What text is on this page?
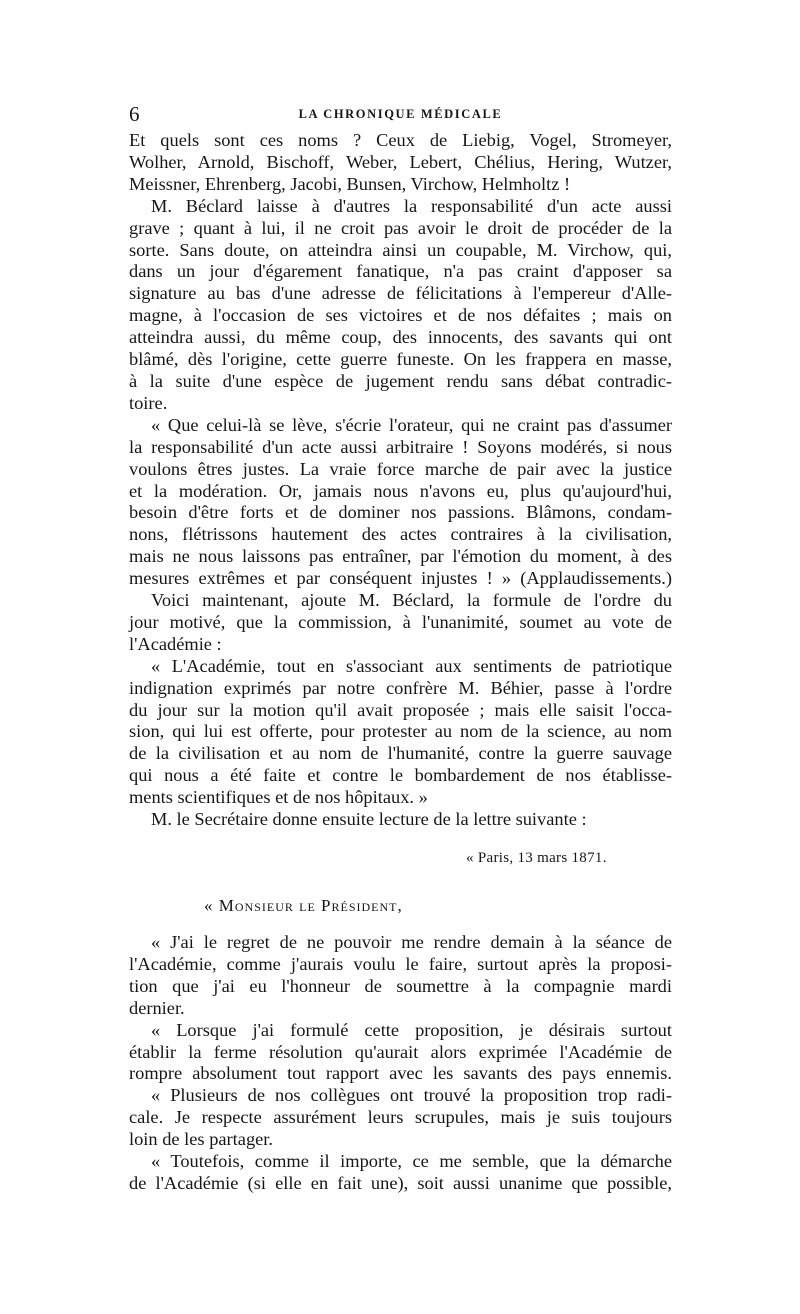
6	LA CHRONIQUE MÉDICALE

Et quels sont ces noms ? Ceux de Liebig, Vogel, Stromeyer,

Wolher, Arnold, Bischoff, Weber, Lebert, Chélius, Hering, Wutzer,

Meissner, Ehrenberg, Jacobi, Bunsen, Virchow, Helmholtz !

M. Béclard laisse à d'autres la responsabilité d'un acte aussi

grave ; quant à lui, il ne croit pas avoir le droit de procéder de la

sorte. Sans doute, on atteindra ainsi un coupable, M. Virchow, qui,

dans un jour d'égarement fanatique, n'a pas craint d'apposer sa

signature au bas d'une adresse de félicitations à l'empereur d'Alle-

magne, à l'occasion de ses victoires et de nos défaites ; mais on

atteindra aussi, du même coup, des innocents, des savants qui ont

blâmé, dès l'origine, cette guerre funeste. On les frappera en masse,

à la suite d'une espèce de jugement rendu sans débat contradic-

toire.

« Que celui-là se lève, s'écrie l'orateur, qui ne craint pas d'assumer

la responsabilité d'un acte aussi arbitraire ! Soyons modérés, si nous

voulons êtres justes. La vraie force marche de pair avec la justice

et la modération. Or, jamais nous n'avons eu, plus qu'aujourd'hui,

besoin d'être forts et de dominer nos passions. Blâmons, condam-

nons, flétrissons hautement des actes contraires à la civilisation,

mais ne nous laissons pas entraîner, par l'émotion du moment, à des

mesures extrêmes et par conséquent injustes ! » (Applaudissements.)

Voici maintenant, ajoute M. Béclard, la formule de l'ordre du

jour motivé, que la commission, à l'unanimité, soumet au vote de

l'Académie :

« L'Académie, tout en s'associant aux sentiments de patriotique

indignation exprimés par notre confrère M. Béhier, passe à l'ordre

du jour sur la motion qu'il avait proposée ; mais elle saisit l'occa-

sion, qui lui est offerte, pour protester au nom de la science, au nom

de la civilisation et au nom de l'humanité, contre la guerre sauvage

qui nous a été faite et contre le bombardement de nos établisse-

ments scientifiques et de nos hôpitaux. »

M. le Secrétaire donne ensuite lecture de la lettre suivante :

« Paris, 13 mars 1871.
« Monsieur le Président,

« J'ai le regret de ne pouvoir me rendre demain à la séance de

l'Académie, comme j'aurais voulu le faire, surtout après la proposi-

tion que j'ai eu l'honneur de soumettre à la compagnie mardi

dernier.

« Lorsque j'ai formulé cette proposition, je désirais surtout

établir la ferme résolution qu'aurait alors exprimée l'Académie de

rompre absolument tout rapport avec les savants des pays ennemis.

« Plusieurs de nos collègues ont trouvé la proposition trop radi-

cale. Je respecte assurément leurs scrupules, mais je suis toujours

loin de les partager.

« Toutefois, comme il importe, ce me semble, que la démarche

de l'Académie (si elle en fait une), soit aussi unanime que possible,
